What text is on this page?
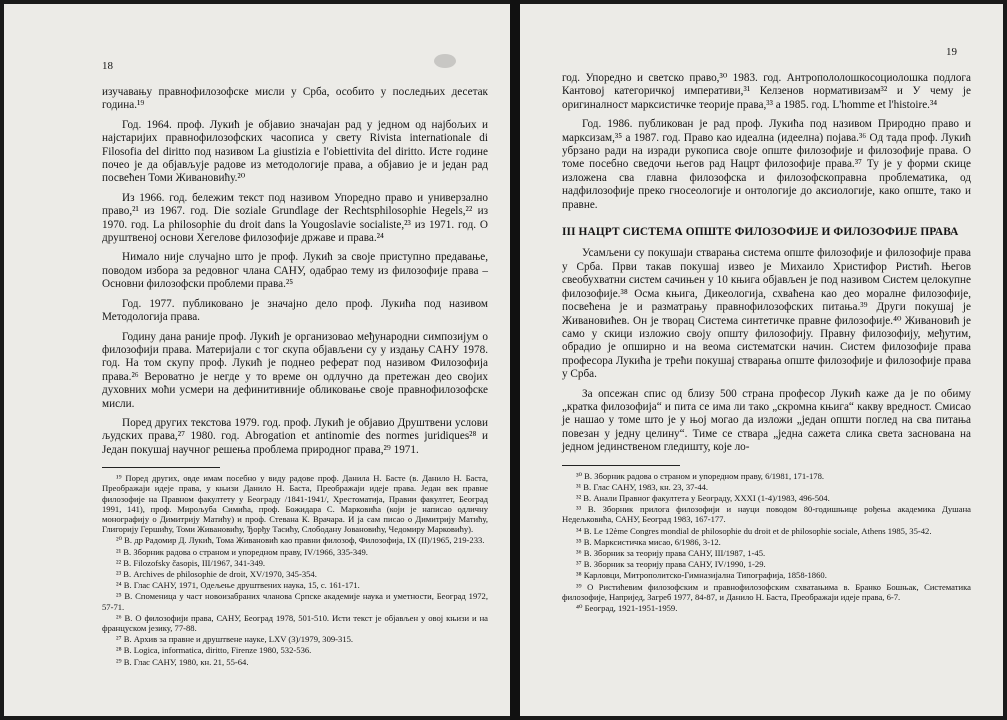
18

изучавању правнофилозофске мисли у Срба, особито у последњих десетак година.¹⁹

Год. 1964. проф. Лукић је објавио значајан рад у једном од најбољих и најстаријих правнофилозофских часописа у свету Rivista internationale di Filosofia del diritto под називом La giustizia e l'obiettivita del diritto. Исте године почео је да објављује радове из методологије права, а објавио је и један рад посвећен Томи Живановићу.²⁰

Из 1966. год. бележим текст под називом Упоредно право и универзално право,²¹ из 1967. год. Die soziale Grundlage der Rechtsphilosophie Hegels,²² из 1970. год. La philosophie du droit dans la Yougoslavie socialiste,²³ из 1971. год. О друштвеној основи Хегелове филозофије државе и права.²⁴

Нимало није случајно што је проф. Лукић за своје приступно предавање, поводом избора за редовног члана САНУ, одабрао тему из филозофије права – Основни филозофски проблеми права.²⁵

Год. 1977. публиковано је значајно дело проф. Лукића под називом Методологија права.

Годину дана раније проф. Лукић је организовао међународни симпозијум о филозофији права. Материјали с тог скупа објављени су у издању САНУ 1978. год. На том скупу проф. Лукић је поднео реферат под називом Филозофија права.²⁶ Вероватно је негде у то време он одлучно да претежан део својих духовних моћи усмери на дефинитивније обликовање своје правнофилозофске мисли.

Поред других текстова 1979. год. проф. Лукић је објавио Друштвени услови људских права,²⁷ 1980. год. Abrogation et antinomie des normes juridiques²⁸ и Један покушај научног решења проблема природног права,²⁹ 1971.

¹⁹ Поред других, овде имам посебно у виду радове проф. Данила Н. Басте (в. Данило Н. Баста, Преображаји идеје права, у књизи Данило Н. Баста, Преображаји идеје права. Један век правне филозофије на Правном факултету у Београду /1841-1941/, Хрестоматија, Правни факултет, Београд 1991, 141), проф. Мирољуба Симића, проф. Божидара С. Марковића (који је написао одличну монографију о Димитрију Матићу) и проф. Стевана К. Врачара. И ја сам писао о Димитрију Матићу, Глигорију Гершићу, Томи Живановићу, Ђорђу Тасићу, Слободану Јовановићу, Чедомиру Марковићу).

²⁰ В. др Радомир Д. Лукић, Тома Живановић као правни филозоф, Филозофија, IX (II)/1965, 219-233.

²¹ В. Зборник радова о страном и упоредном праву, IV/1966, 335-349.

²² В. Filozofsky časopis, III/1967, 341-349.

²³ В. Archives de philosophie de droit, XV/1970, 345-354.

²⁴ В. Глас САНУ, 1971, Одељење друштвених наука, 15, с. 161-171.

²⁵ В. Споменица у част новоизабраних чланова Српске академије наука и уметности, Београд 1972, 57-71.

²⁶ В. О филозофији права, САНУ, Београд 1978, 501-510. Исти текст је објављен у овој књизи и на француском језику, 77-88.

²⁷ В. Архив за правне и друштвене науке, LXV (3)/1979, 309-315.

²⁸ В. Logica, informatica, diritto, Firenze 1980, 532-536.

²⁹ В. Глас САНУ, 1980, кн. 21, 55-64.

19

год. Упоредно и светско право,³⁰ 1983. год. Антропололошкосоциолошка подлога Кантовој категоричкој императиви,³¹ Келзенов нормативизам³² и У чему је оригиналност марксистичке теорије права,³³ а 1985. год. L'homme et l'histoire.³⁴

Год. 1986. публикован је рад проф. Лукића под називом Природно право и марксизам,³⁵ а 1987. год. Право као идеална (идеелна) појава.³⁶ Од тада проф. Лукић убрзано ради на изради рукописа своје опште филозофије и филозофије права. О томе посебно сведочи његов рад Нацрт филозофије права.³⁷ Ту је у форми скице изложена сва главна филозофска и филозофскоправна проблематика, од надфилозофије преко гносеологије и онтологије до аксиологије, како опште, тако и правне.

III НАЦРТ СИСТЕМА ОПШТЕ ФИЛОЗОФИЈЕ И ФИЛОЗОФИЈЕ ПРАВА

Усамљени су покушаји стварања система опште филозофије и филозофије права у Срба. Први такав покушај извео је Михаило Христифор Ристић. Његов свеобухватни систем сачињен у 10 књига објављен је под називом Систем целокупне филозофије.³⁸ Осма књига, Дикеологија, схваћена као део моралне филозофије, посвећена је и разматрању правнофилозофских питања.³⁹ Други покушај је Живановићев. Он је творац Система синтетичке правне филозофије.⁴⁰ Живановић је само у скици изложио своју општу филозофију. Правну филозофију, међутим, обрадио је опширно и на веома систематски начин. Систем филозофије права професора Лукића је трећи покушај стварања опште филозофије и филозофије права у Срба.

За опсежан спис од близу 500 страна професор Лукић каже да је по обиму „кратка филозофија“ и пита се има ли тако „скромна књига“ какву вредност. Смисао је нашао у томе што је у њој могао да изложи „један општи поглед на сва питања повезан у једну целину“. Тиме се ствара „једна сажета слика света заснована на једном јединственом гледишту, које ло-

³⁰ В. Зборник радова о страном и упоредном праву, 6/1981, 171-178.

³¹ В. Глас САНУ, 1983, кн. 23, 37-44.

³² В. Анали Правног факултета у Београду, XXXI (1-4)/1983, 496-504.

³³ В. Зборник прилога филозофији и науци поводом 80-годишњице рођења академика Душана Недељковића, САНУ, Београд 1983, 167-177.

³⁴ В. Le 12ème Congres mondial de philosophie du droit et de philosophie sociale, Athens 1985, 35-42.

³⁵ В. Марксистичка мисао, 6/1986, 3-12.

³⁶ В. Зборник за теорију права САНУ, III/1987, 1-45.

³⁷ В. Зборник за теорију права САНУ, IV/1990, 1-29.

³⁸ Карловци, Митрополитско-Гимназијална Типографија, 1858-1860.

³⁹ О Ристићевим филозофским и правнофилозофским схватањима в. Бранко Бошњак, Систематика филозофије, Напријед, Загреб 1977, 84-87, и Данило Н. Баста, Преображаји идеје права, 6-7.

⁴⁰ Београд, 1921-1951-1959.
